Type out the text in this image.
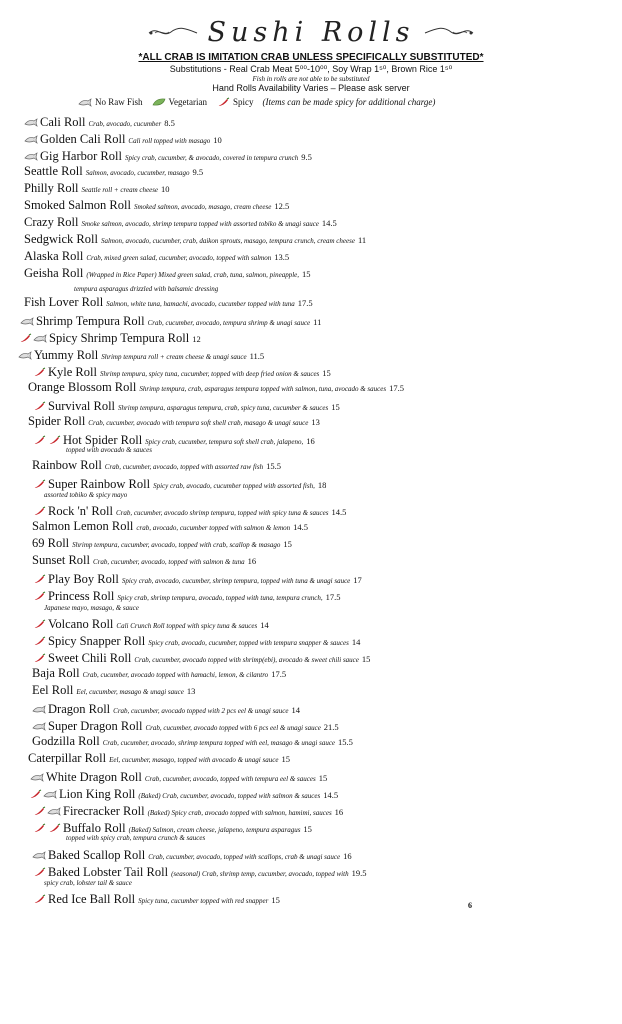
Sushi Rolls
*ALL CRAB IS IMITATION CRAB UNLESS SPECIFICALLY SUBSTITUTED*
Substitutions - Real Crab Meat 5⁰⁰-10⁰⁰, Soy Wrap 1⁵⁰, Brown Rice 1⁵⁰
Fish in rolls are not able to be substituted
Hand Rolls Availability Varies – Please ask server
No Raw Fish	Vegetarian	Spicy (Items can be made spicy for additional charge)
Cali Roll Crab, avocado, cucumber 8.5
Golden Cali Roll Cali roll topped with masago 10
Gig Harbor Roll Spicy crab, cucumber, & avocado, covered in tempura crunch 9.5
Seattle Roll Salmon, avocado, cucumber, masago 9.5
Philly Roll Seattle roll + cream cheese 10
Smoked Salmon Roll Smoked salmon, avocado, masago, cream cheese 12.5
Crazy Roll Smoke salmon, avocado, shrimp tempura topped with assorted tobiko & unagi sauce 14.5
Sedgwick Roll Salmon, avocado, cucumber, crab, daikon sprouts, masago, tempura crunch, cream cheese 11
Alaska Roll Crab, mixed green salad, cucumber, avocado, topped with salmon 13.5
Geisha Roll (Wrapped in Rice Paper) Mixed green salad, crab, tuna, salmon, pineapple, 15
tempura asparagus drizzled with balsamic dressing
Fish Lover Roll Salmon, white tuna, hamachi, avocado, cucumber topped with tuna 17.5
Shrimp Tempura Roll Crab, cucumber, avocado, tempura shrimp & unagi sauce 11
Spicy Shrimp Tempura Roll 12
Yummy Roll Shrimp tempura roll + cream cheese & unagi sauce 11.5
Kyle Roll Shrimp tempura, spicy tuna, cucumber, topped with deep fried onion & sauces 15
Orange Blossom Roll Shrimp tempura, crab, asparagus tempura topped with salmon, tuna, avocado & sauces 17.5
Survival Roll Shrimp tempura, asparagus tempura, crab, spicy tuna, cucumber & sauces 15
Spider Roll Crab, cucumber, avocado with tempura soft shell crab, masago & unagi sauce 13
Hot Spider Roll Spicy crab, cucumber, tempura soft shell crab, jalapeno, 16
topped with avocado & sauces
Rainbow Roll Crab, cucumber, avocado, topped with assorted raw fish 15.5
Super Rainbow Roll Spicy crab, avocado, cucumber topped with assorted fish, 18
assorted tobiko & spicy mayo
Rock 'n' Roll Crab, cucumber, avocado shrimp tempura, topped with spicy tuna & sauces 14.5
Salmon Lemon Roll crab, avocado, cucumber topped with salmon & lemon 14.5
69 Roll Shrimp tempura, cucumber, avocado, topped with crab, scallop & masago 15
Sunset Roll Crab, cucumber, avocado, topped with salmon & tuna 16
Play Boy Roll Spicy crab, avocado, cucumber, shrimp tempura, topped with tuna & unagi sauce 17
Princess Roll Spicy crab, shrimp tempura, avocado, topped with tuna, tempura crunch, 17.5
Japanese mayo, masago, & sauce
Volcano Roll Cali Crunch Roll topped with spicy tuna & sauces 14
Spicy Snapper Roll Spicy crab, avocado, cucumber, topped with tempura snapper & sauces 14
Sweet Chili Roll Crab, cucumber, avocado topped with shrimp(ebi), avocado & sweet chili sauce 15
Baja Roll Crab, cucumber, avocado topped with hamachi, lemon, & cilantro 17.5
Eel Roll Eel, cucumber, masago & unagi sauce 13
Dragon Roll Crab, cucumber, avocado topped with 2 pcs eel & unagi sauce 14
Super Dragon Roll Crab, cucumber, avocado topped with 6 pcs eel & unagi sauce 21.5
Godzilla Roll Crab, cucumber, avocado, shrimp tempura topped with eel, masago & unagi sauce 15.5
Caterpillar Roll Eel, cucumber, masago, topped with avocado & unagi sauce 15
White Dragon Roll Crab, cucumber, avocado, topped with tempura eel & sauces 15
Lion King Roll (Baked) Crab, cucumber, avocado, topped with salmon & sauces 14.5
Firecracker Roll (Baked) Spicy crab, avocado topped with salmon, hamimi, sauces 16
Buffalo Roll (Baked) Salmon, cream cheese, jalapeno, tempura asparagus 15
topped with spicy crab, tempura crunch & sauces
Baked Scallop Roll Crab, cucumber, avocado, topped with scallops, crab & unagi sauce 16
Baked Lobster Tail Roll (seasonal) Crab, shrimp temp, cucumber, avocado, topped with 19.5
spicy crab, lobster tail & sauce
Red Ice Ball Roll Spicy tuna, cucumber topped with red snapper 15
6
